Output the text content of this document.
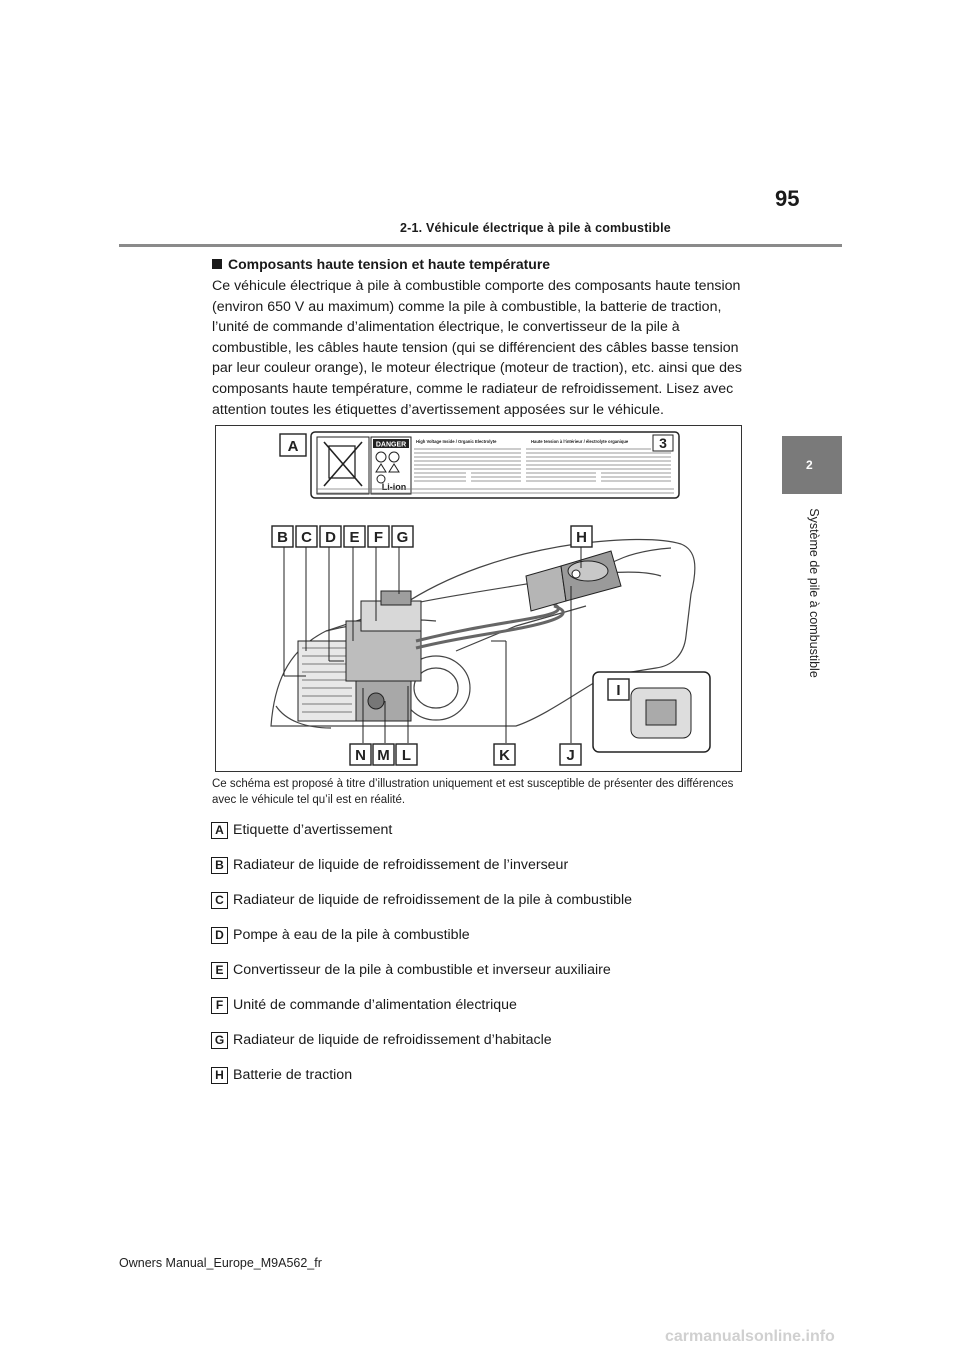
95
2-1. Véhicule électrique à pile à combustible
2
Système de pile à combustible
Composants haute tension et haute température
Ce véhicule électrique à pile à combustible comporte des composants haute tension (environ 650 V au maximum) comme la pile à combustible, la batterie de traction, l’unité de commande d’alimentation électrique, le convertisseur de la pile à combustible, les câbles haute tension (qui se différencient des câbles basse tension par leur couleur orange), le moteur électrique (moteur de traction), etc. ainsi que des composants haute température, comme le radiateur de refroidissement. Lisez avec attention toutes les étiquettes d’avertissement apposées sur le véhicule.
DANGER
Li-ion
High Voltage Inside / Organic Electrolyte	Haute tension à l’intérieur / électrolyte organique 3
A
B C D E F G	H
I
J
K
L
M
N
Ce schéma est proposé à titre d’illustration uniquement et est susceptible de présenter des différences avec le véhicule tel qu’il est en réalité.
A Etiquette d’avertissement
B Radiateur de liquide de refroidissement de l’inverseur
C Radiateur de liquide de refroidissement de la pile à combustible
D Pompe à eau de la pile à combustible
E Convertisseur de la pile à combustible et inverseur auxiliaire
F Unité de commande d’alimentation électrique
G Radiateur de liquide de refroidissement d’habitacle
H Batterie de traction
Owners Manual_Europe_M9A562_fr
carmanualsonline.info
